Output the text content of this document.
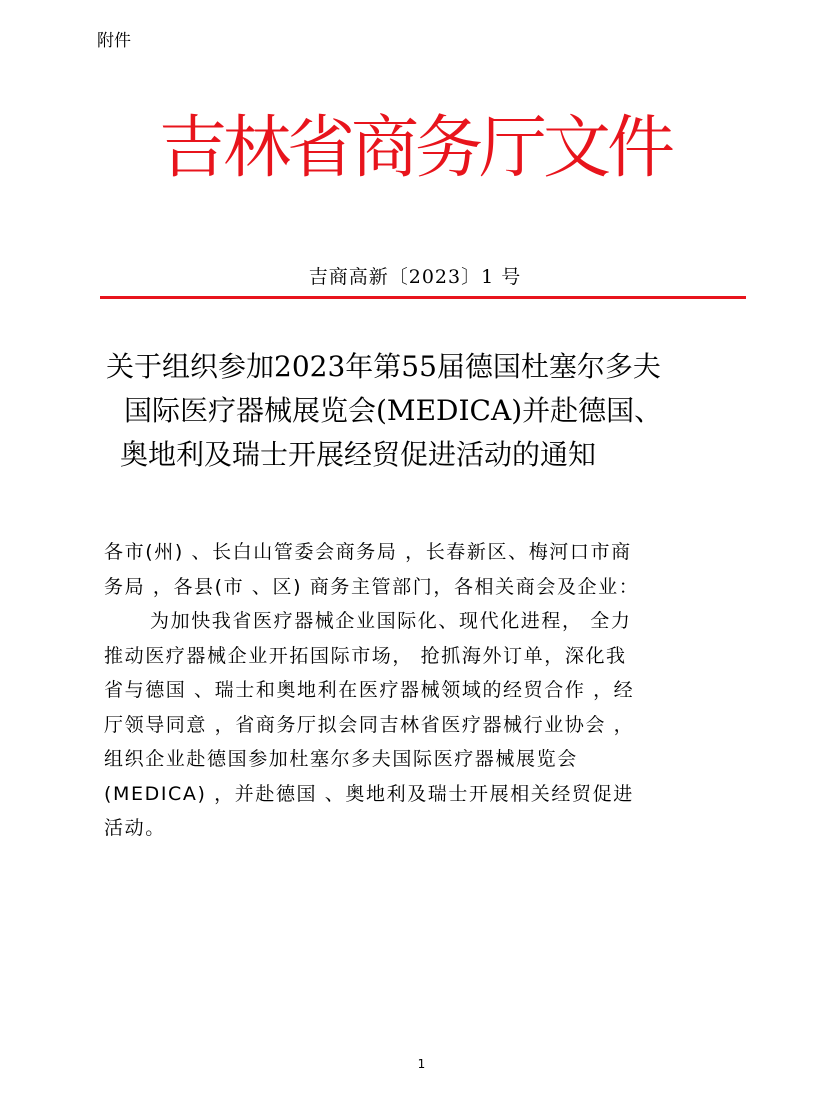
附件
吉林省商务厅文件
吉商高新〔2023〕1 号
关于组织参加2023年第55届德国杜塞尔多夫
国际医疗器械展览会(MEDICA)并赴德国、
奥地利及瑞士开展经贸促进活动的通知
各市(州) 、长白山管委会商务局 ，长春新区、梅河口市商
务局 ，各县(市 、区) 商务主管部门，各相关商会及企业：
为加快我省医疗器械企业国际化、现代化进程， 全力
推动医疗器械企业开拓国际市场， 抢抓海外订单，深化我
省与德国 、瑞士和奥地利在医疗器械领域的经贸合作 ，经
厅领导同意 ，省商务厅拟会同吉林省医疗器械行业协会 ，
组织企业赴德国参加杜塞尔多夫国际医疗器械展览会
(MEDICA) ，并赴德国 、奥地利及瑞士开展相关经贸促进
活动。
1
